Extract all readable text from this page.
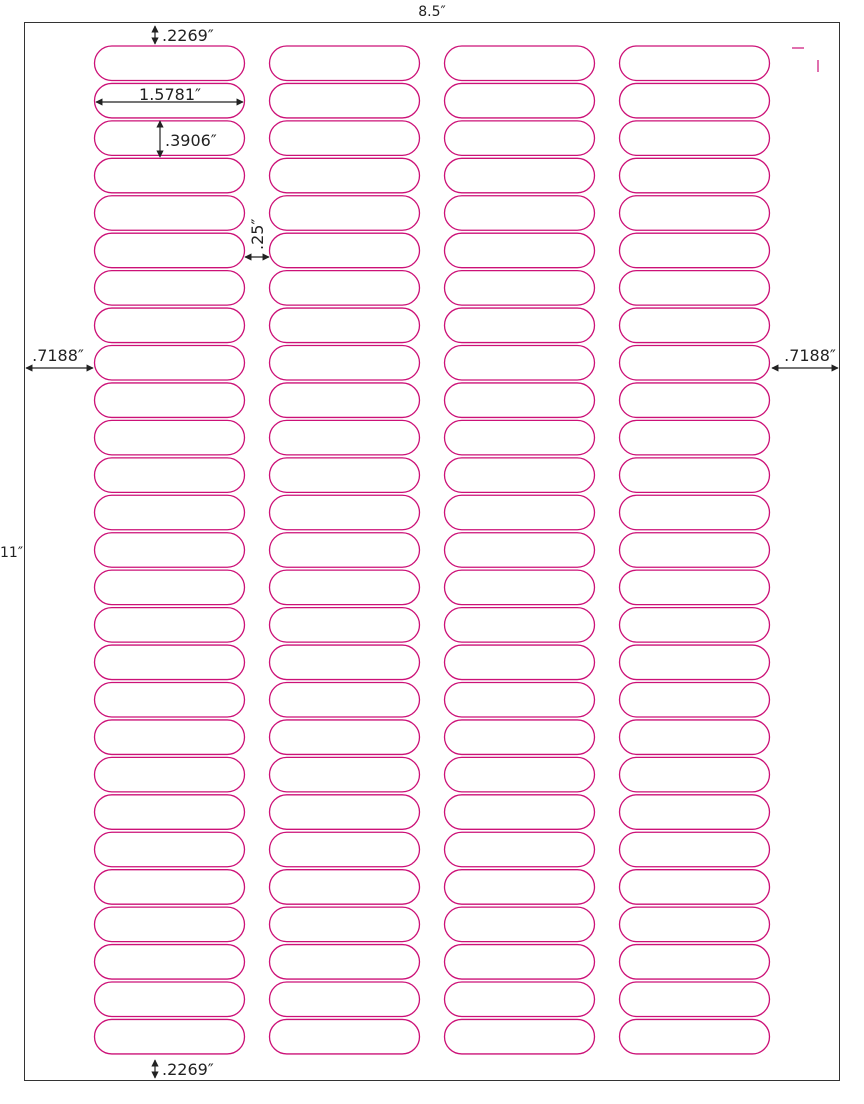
8.5″
11″
.2269″
1.5781″
.3906″
.25″
.7188″	.7188″
.2269″
